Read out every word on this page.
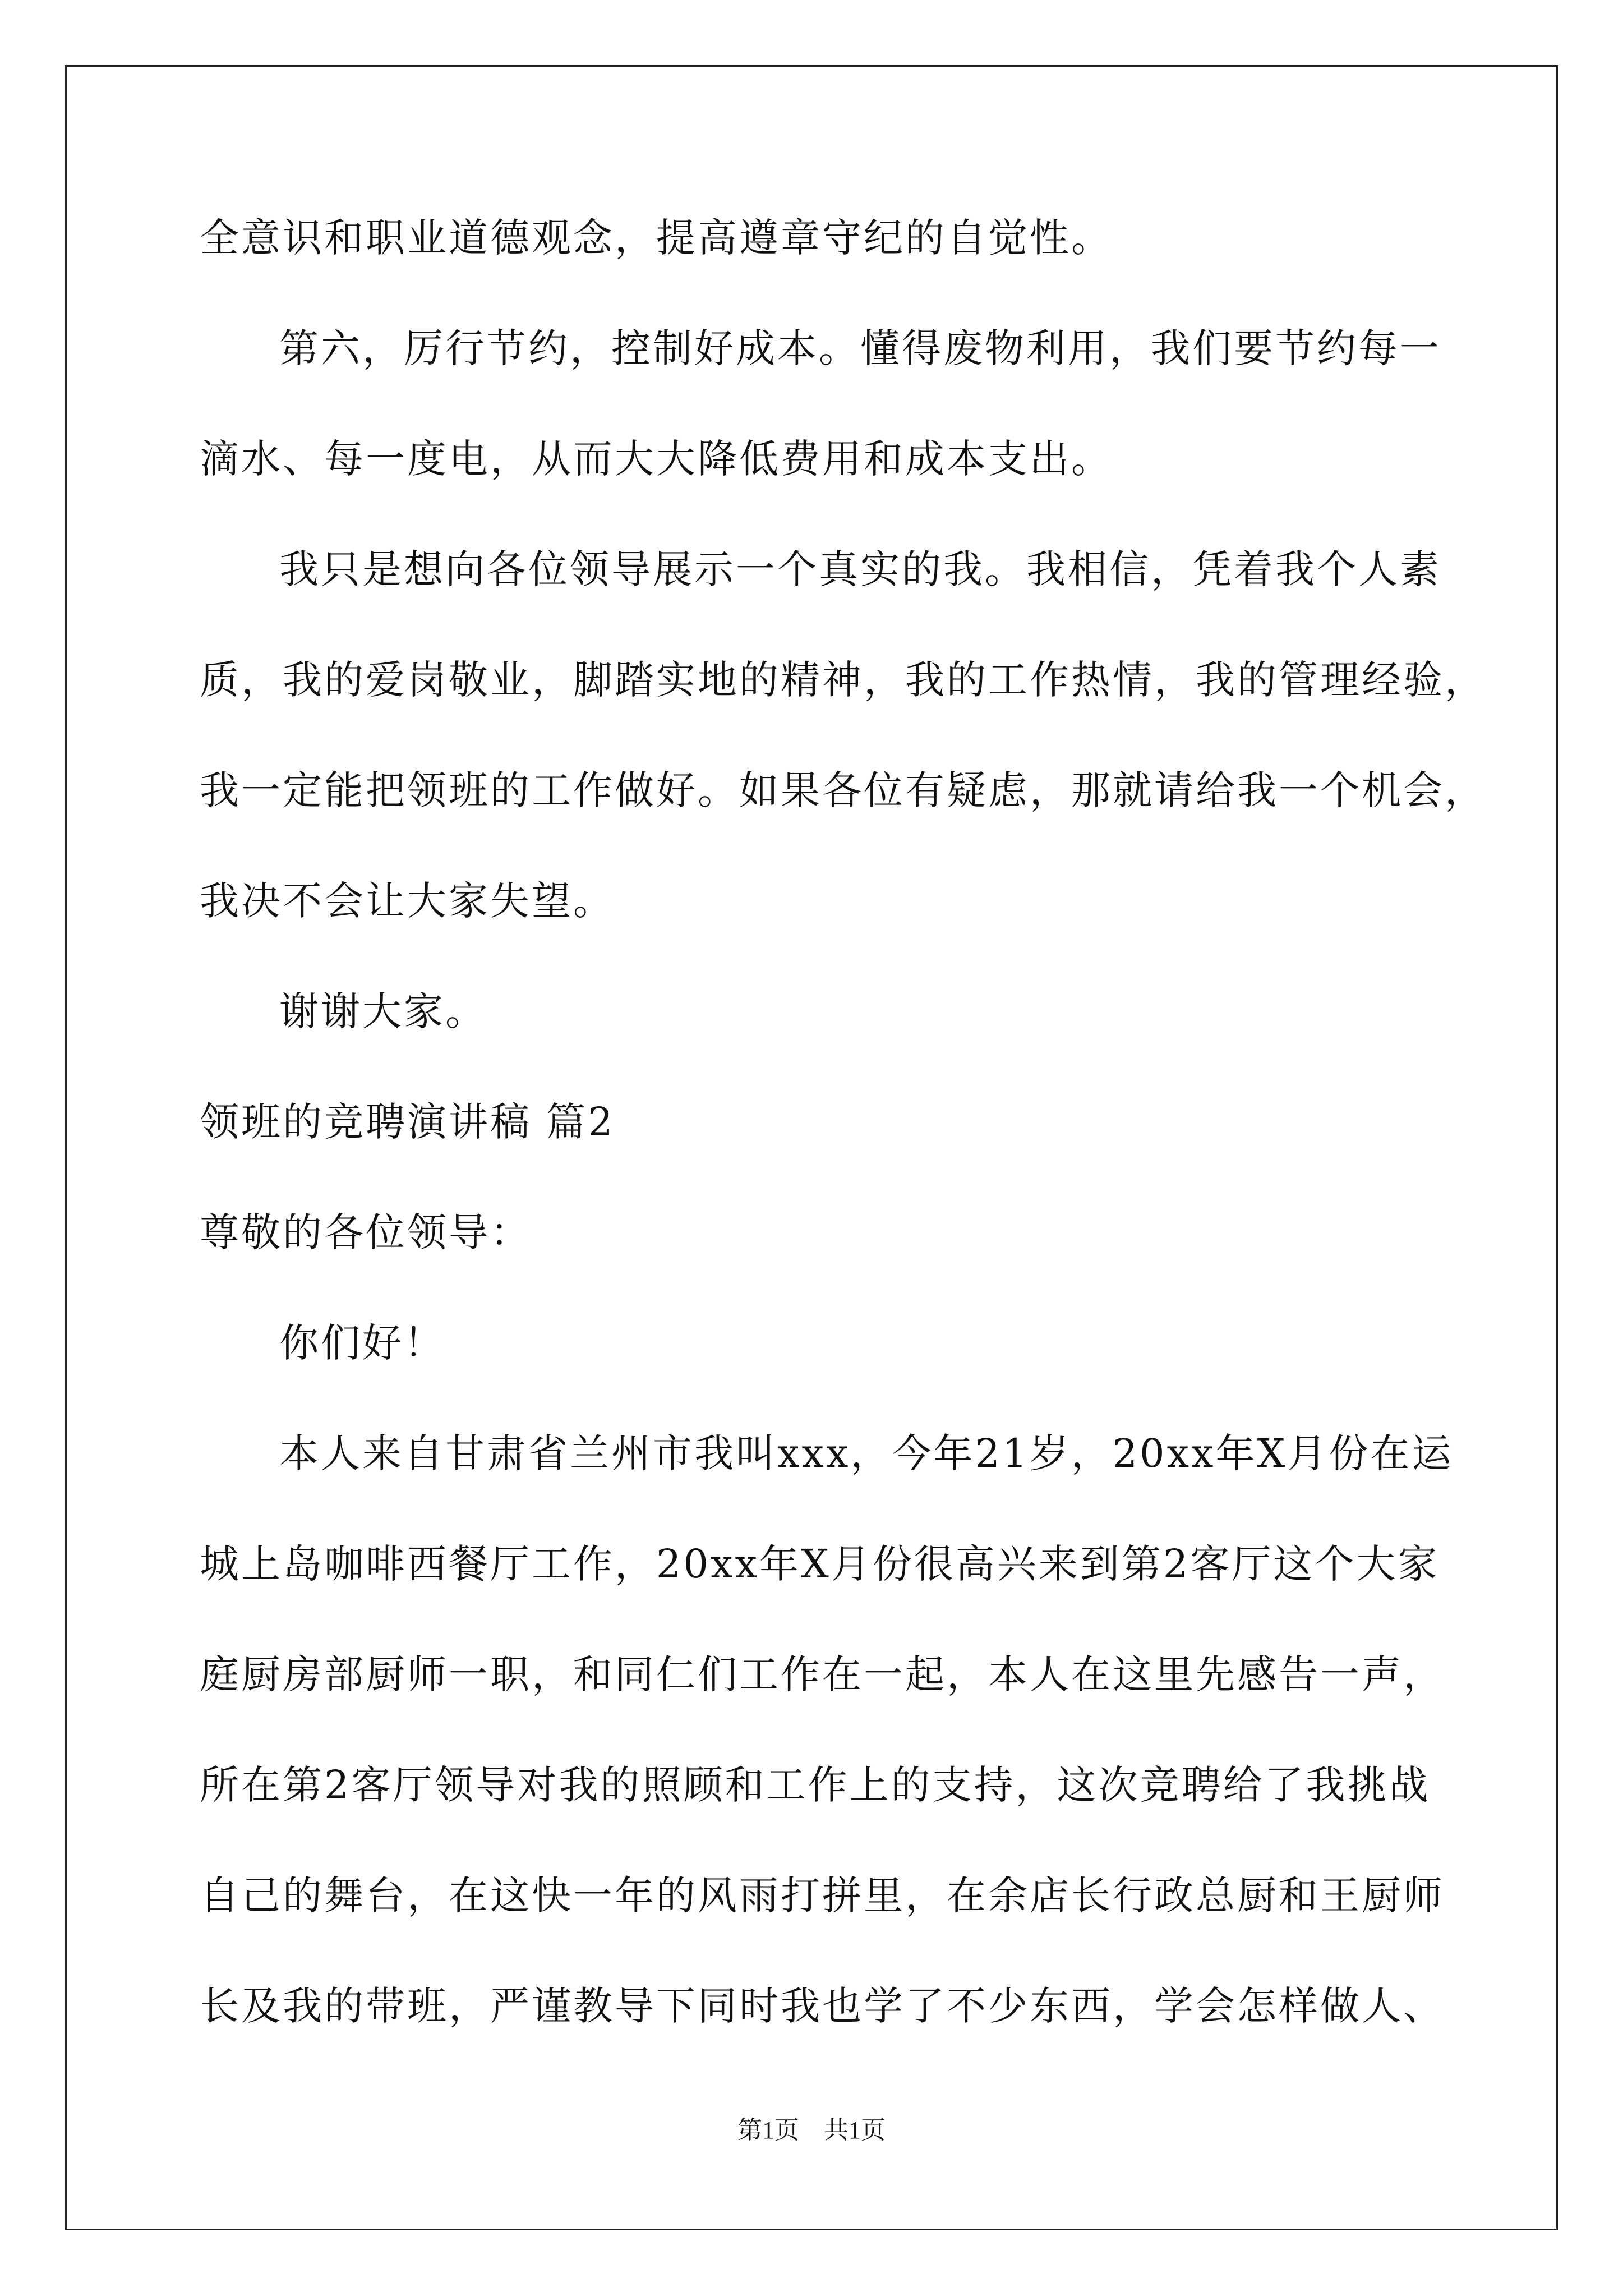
全意识和职业道德观念，提高遵章守纪的自觉性。
第六，厉行节约，控制好成本。懂得废物利用，我们要节约每一
滴水、每一度电，从而大大降低费用和成本支出。
我只是想向各位领导展示一个真实的我。我相信，凭着我个人素
质，我的爱岗敬业，脚踏实地的精神，我的工作热情，我的管理经验，
我一定能把领班的工作做好。如果各位有疑虑，那就请给我一个机会，
我决不会让大家失望。
谢谢大家。
领班的竞聘演讲稿 篇2
尊敬的各位领导：
你们好！
本人来自甘肃省兰州市我叫xxx，今年21岁，20xx年X月份在运
城上岛咖啡西餐厅工作，20xx年X月份很高兴来到第2客厅这个大家
庭厨房部厨师一职，和同仁们工作在一起，本人在这里先感告一声，
所在第2客厅领导对我的照顾和工作上的支持，这次竞聘给了我挑战
自己的舞台，在这快一年的风雨打拼里，在余店长行政总厨和王厨师
长及我的带班，严谨教导下同时我也学了不少东西，学会怎样做人、
第1页　共1页
